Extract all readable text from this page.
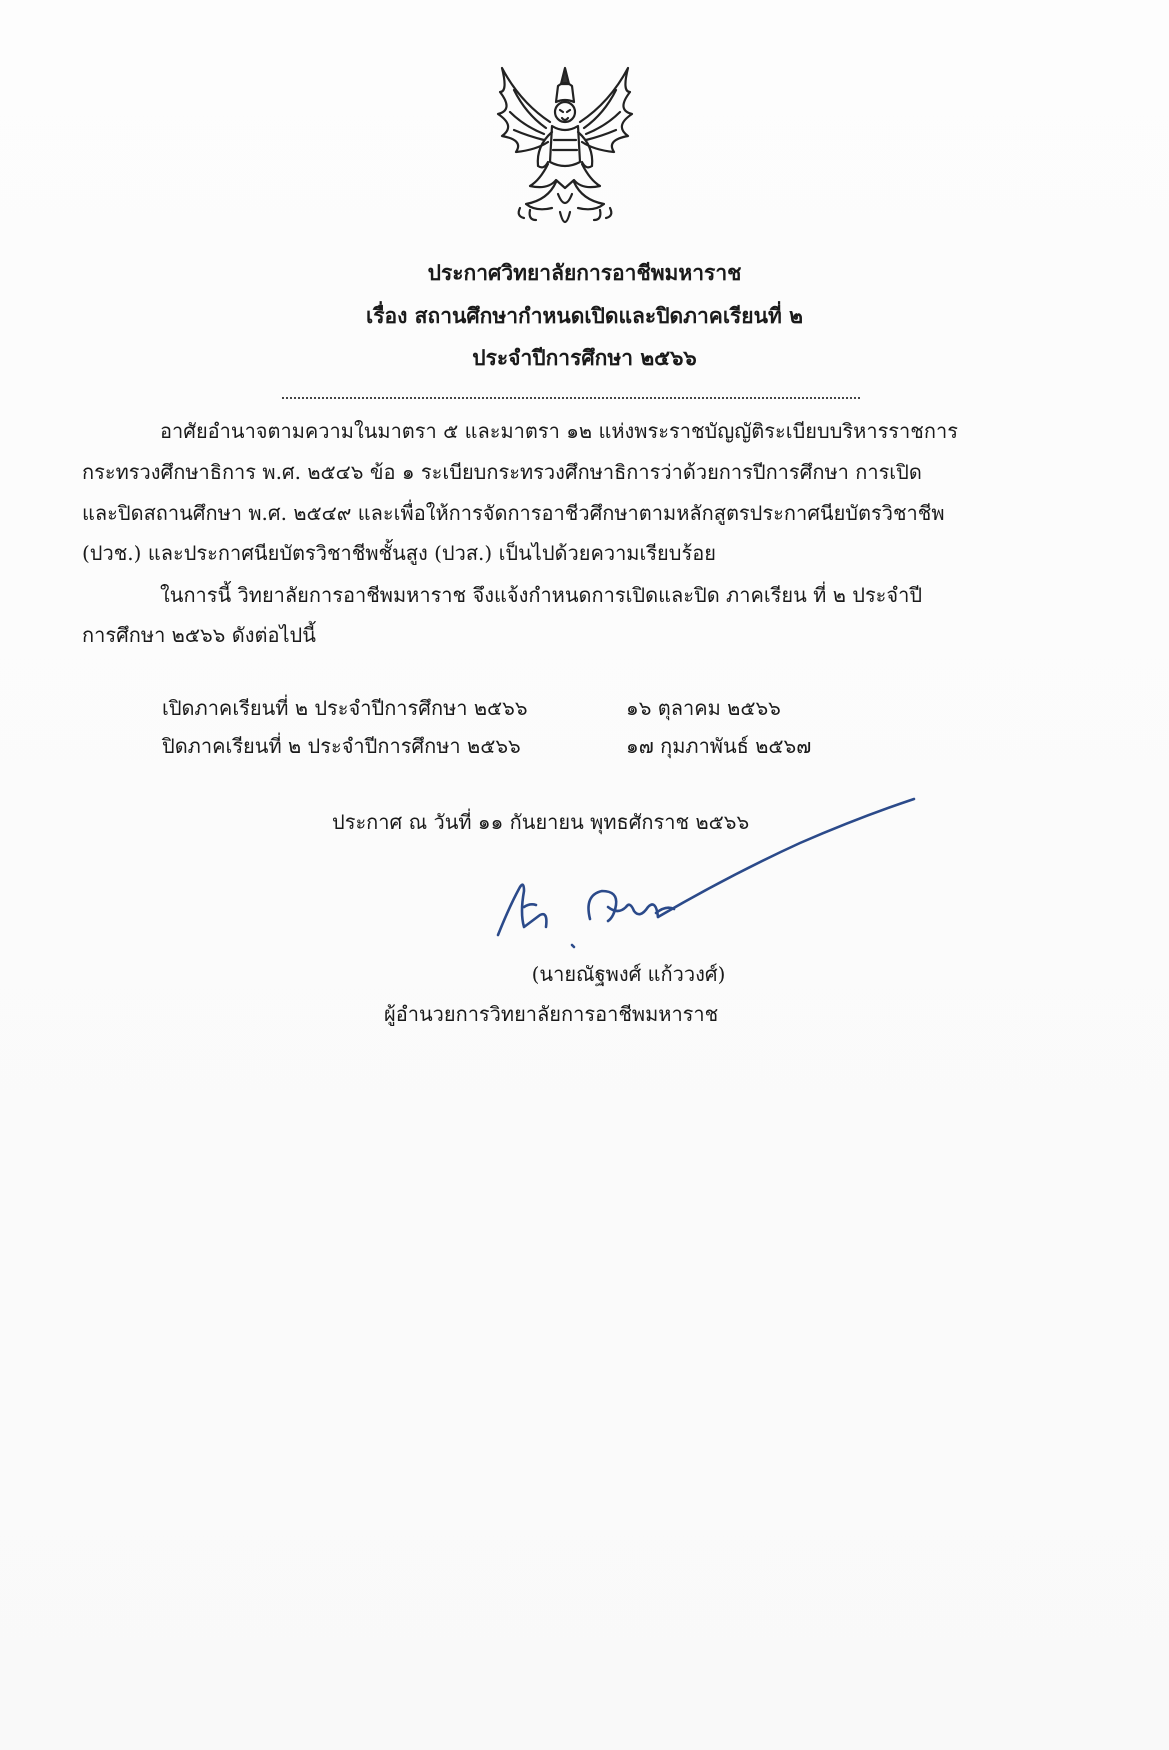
ประกาศวิทยาลัยการอาชีพมหาราช
เรื่อง สถานศึกษากำหนดเปิดและปิดภาคเรียนที่ ๒
ประจำปีการศึกษา ๒๕๖๖
อาศัยอำนาจตามความในมาตรา ๕ และมาตรา ๑๒ แห่งพระราชบัญญัติระเบียบบริหารราชการ
กระทรวงศึกษาธิการ พ.ศ. ๒๕๔๖ ข้อ ๑ ระเบียบกระทรวงศึกษาธิการว่าด้วยการปีการศึกษา การเปิด
และปิดสถานศึกษา พ.ศ. ๒๕๔๙ และเพื่อให้การจัดการอาชีวศึกษาตามหลักสูตรประกาศนียบัตรวิชาชีพ
(ปวช.) และประกาศนียบัตรวิชาชีพชั้นสูง (ปวส.) เป็นไปด้วยความเรียบร้อย
ในการนี้ วิทยาลัยการอาชีพมหาราช จึงแจ้งกำหนดการเปิดและปิด ภาคเรียน ที่ ๒ ประจำปี
การศึกษา ๒๕๖๖ ดังต่อไปนี้
เปิดภาคเรียนที่ ๒ ประจำปีการศึกษา ๒๕๖๖	๑๖ ตุลาคม ๒๕๖๖
ปิดภาคเรียนที่ ๒ ประจำปีการศึกษา ๒๕๖๖	๑๗ กุมภาพันธ์ ๒๕๖๗
ประกาศ ณ วันที่ ๑๑ กันยายน พุทธศักราช ๒๕๖๖
(นายณัฐพงศ์ แก้ววงศ์)
ผู้อำนวยการวิทยาลัยการอาชีพมหาราช
